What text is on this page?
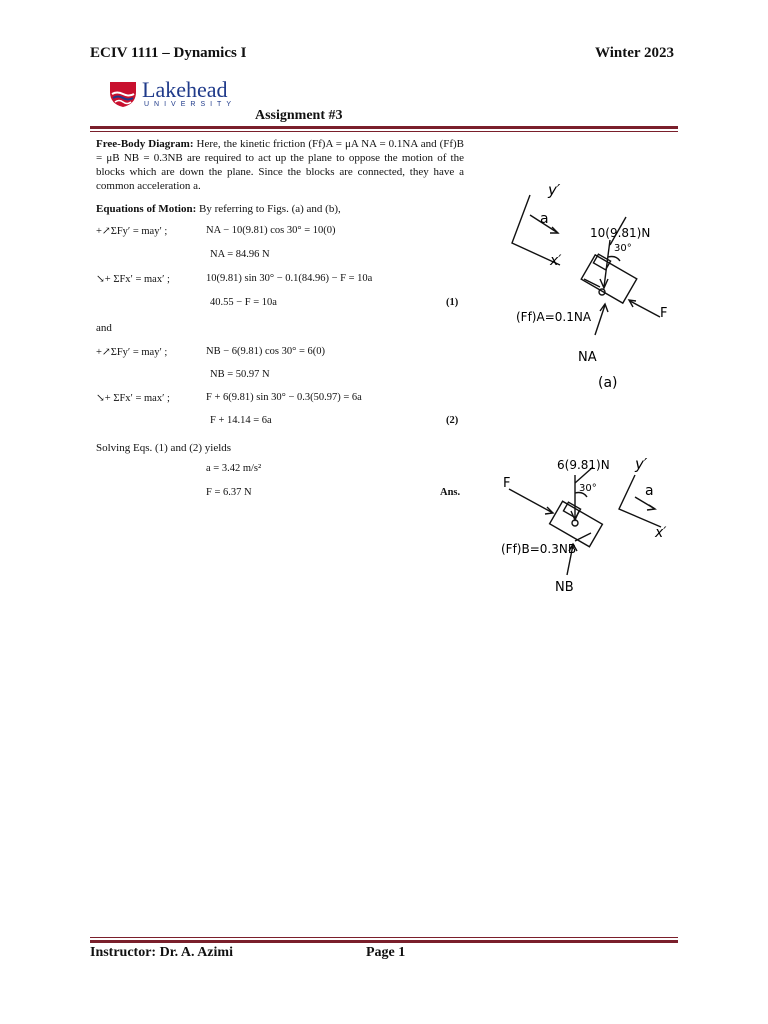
ECIV 1111 – Dynamics I	Winter 2023
Lakehead
UNIVERSITY
Assignment #3
Free-Body Diagram: Here, the kinetic friction (Ff)A = μA NA = 0.1NA and (Ff)B = μB NB = 0.3NB are required to act up the plane to oppose the motion of the blocks which are down the plane. Since the blocks are connected, they have a common acceleration a.
Equations of Motion: By referring to Figs. (a) and (b),
+↗ΣFy′ = may′ ;	NA − 10(9.81) cos 30° = 10(0)
NA = 84.96 N
↘+ ΣFx′ = max′ ;	10(9.81) sin 30° − 0.1(84.96) − F = 10a
40.55 − F = 10a	(1)
and
+↗ΣFy′ = may′ ;	NB − 6(9.81) cos 30° = 6(0)
NB = 50.97 N
↘+ ΣFx′ = max′ ;	F + 6(9.81) sin 30° − 0.3(50.97) = 6a
F + 14.14 = 6a	(2)
Solving Eqs. (1) and (2) yields
a = 3.42 m/s²
F = 6.37 N	Ans.
y′
a
x′
10(9.81)N
30°
F
(Ff)A=0.1NA
NA
(a)
6(9.81)N
30°
F
(Ff)B=0.3NB
NB
y′
a
x′
Instructor: Dr. A. Azimi	Page 1
